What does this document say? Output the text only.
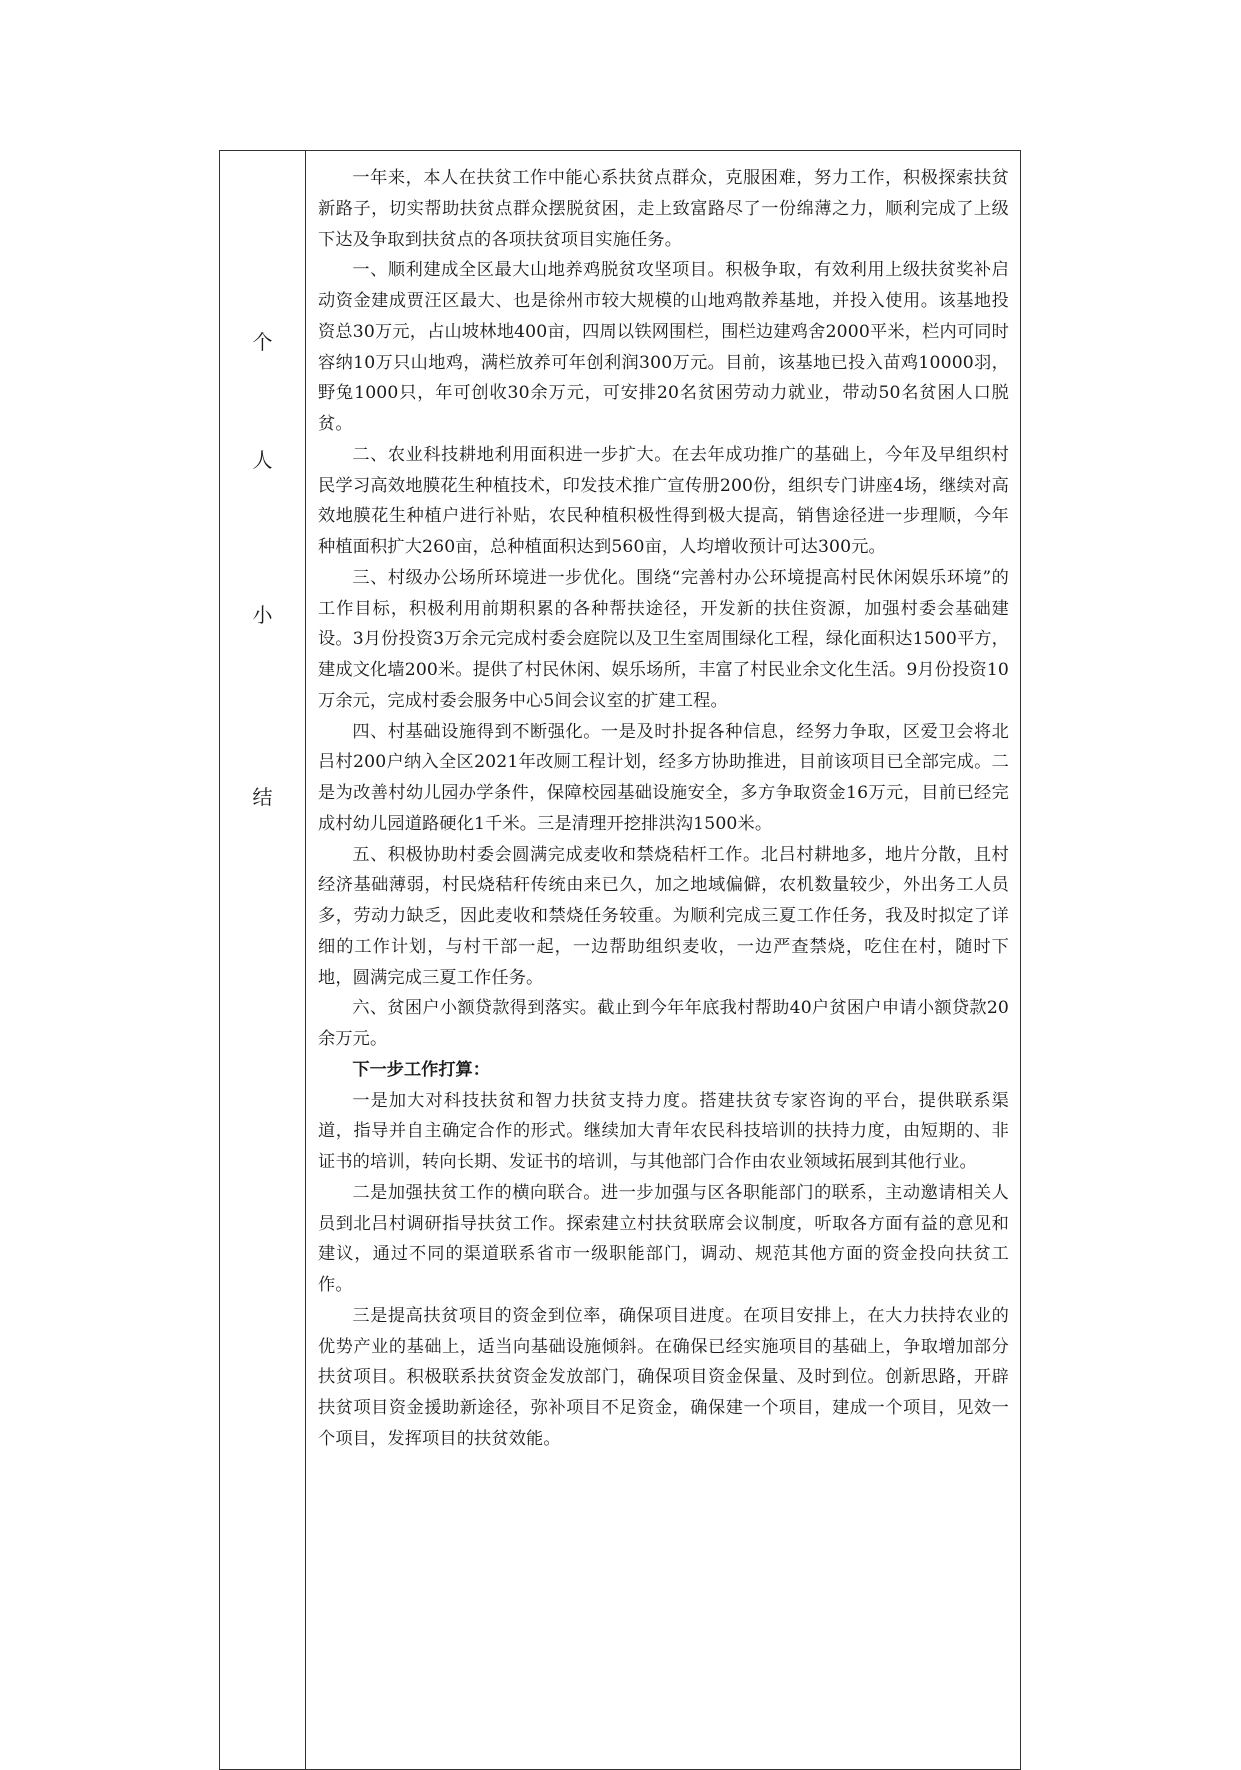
个
人
小
结

一年来，本人在扶贫工作中能心系扶贫点群众，克服困难，努力工作，积极探索扶贫新路子，切实帮助扶贫点群众摆脱贫困，走上致富路尽了一份绵薄之力，顺利完成了上级下达及争取到扶贫点的各项扶贫项目实施任务。

一、顺利建成全区最大山地养鸡脱贫攻坚项目。积极争取，有效利用上级扶贫奖补启动资金建成贾汪区最大、也是徐州市较大规模的山地鸡散养基地，并投入使用。该基地投资总30万元，占山坡林地400亩，四周以铁网围栏，围栏边建鸡舍2000平米，栏内可同时容纳10万只山地鸡，满栏放养可年创利润300万元。目前，该基地已投入苗鸡10000羽，野兔1000只，年可创收30余万元，可安排20名贫困劳动力就业，带动50名贫困人口脱贫。

二、农业科技耕地利用面积进一步扩大。在去年成功推广的基础上，今年及早组织村民学习高效地膜花生种植技术，印发技术推广宣传册200份，组织专门讲座4场，继续对高效地膜花生种植户进行补贴，农民种植积极性得到极大提高，销售途径进一步理顺，今年种植面积扩大260亩，总种植面积达到560亩，人均增收预计可达300元。

三、村级办公场所环境进一步优化。围绕“完善村办公环境提高村民休闲娱乐环境”的工作目标，积极利用前期积累的各种帮扶途径，开发新的扶住资源，加强村委会基础建设。3月份投资3万余元完成村委会庭院以及卫生室周围绿化工程，绿化面积达1500平方，建成文化墙200米。提供了村民休闲、娱乐场所，丰富了村民业余文化生活。9月份投资10万余元，完成村委会服务中心5间会议室的扩建工程。

四、村基础设施得到不断强化。一是及时扑捉各种信息，经努力争取，区爱卫会将北吕村200户纳入全区2021年改厕工程计划，经多方协助推进，目前该项目已全部完成。二是为改善村幼儿园办学条件，保障校园基础设施安全，多方争取资金16万元，目前已经完成村幼儿园道路硬化1千米。三是清理开挖排洪沟1500米。

五、积极协助村委会圆满完成麦收和禁烧秸杆工作。北吕村耕地多，地片分散，且村经济基础薄弱，村民烧秸秆传统由来已久，加之地域偏僻，农机数量较少，外出务工人员多，劳动力缺乏，因此麦收和禁烧任务较重。为顺利完成三夏工作任务，我及时拟定了详细的工作计划，与村干部一起，一边帮助组织麦收，一边严查禁烧，吃住在村，随时下地，圆满完成三夏工作任务。

六、贫困户小额贷款得到落实。截止到今年年底我村帮助40户贫困户申请小额贷款20余万元。

下一步工作打算：

一是加大对科技扶贫和智力扶贫支持力度。搭建扶贫专家咨询的平台，提供联系渠道，指导并自主确定合作的形式。继续加大青年农民科技培训的扶持力度，由短期的、非证书的培训，转向长期、发证书的培训，与其他部门合作由农业领域拓展到其他行业。

二是加强扶贫工作的横向联合。进一步加强与区各职能部门的联系，主动邀请相关人员到北吕村调研指导扶贫工作。探索建立村扶贫联席会议制度，听取各方面有益的意见和建议，通过不同的渠道联系省市一级职能部门，调动、规范其他方面的资金投向扶贫工作。

三是提高扶贫项目的资金到位率，确保项目进度。在项目安排上，在大力扶持农业的优势产业的基础上，适当向基础设施倾斜。在确保已经实施项目的基础上，争取增加部分扶贫项目。积极联系扶贫资金发放部门，确保项目资金保量、及时到位。创新思路，开辟扶贫项目资金援助新途径，弥补项目不足资金，确保建一个项目，建成一个项目，见效一个项目，发挥项目的扶贫效能。
